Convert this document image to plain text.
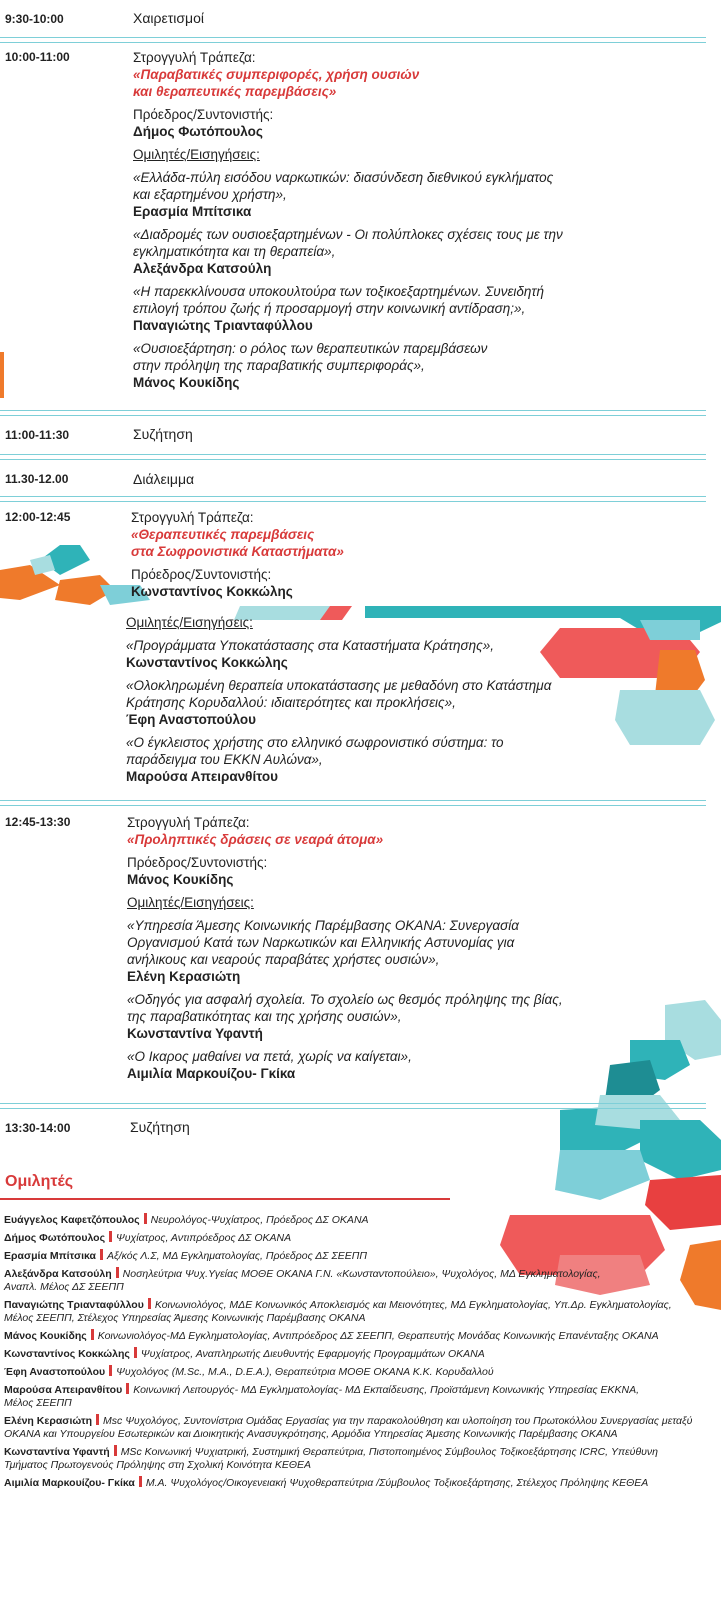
9:30-10:00	Χαιρετισμοί
10:00-11:00	Στρογγυλή Τράπεζα:

«Παραβατικές συμπεριφορές, χρήση ουσιών

και θεραπευτικές παρεμβάσεις»

Πρόεδρος/Συντονιστής:

Δήμος Φωτόπουλος

Ομιλητές/Εισηγήσεις:

«Ελλάδα-πύλη εισόδου ναρκωτικών: διασύνδεση διεθνικού εγκλήματος

και εξαρτημένου χρήστη»,

Ερασμία Μπίτσικα

«Διαδρομές των ουσιοεξαρτημένων - Οι πολύπλοκες σχέσεις τους με την

εγκληματικότητα και τη θεραπεία»,

Αλεξάνδρα Κατσούλη

«Η παρεκκλίνουσα υποκουλτούρα των τοξικοεξαρτημένων. Συνειδητή

επιλογή τρόπου ζωής ή προσαρμογή στην κοινωνική αντίδραση;»,

Παναγιώτης Τριανταφύλλου

«Ουσιοεξάρτηση: ο ρόλος των θεραπευτικών παρεμβάσεων

στην πρόληψη της παραβατικής συμπεριφοράς»,

Μάνος Κουκίδης

11:00-11:30	Συζήτηση
11.30-12.00	Διάλειμμα
12:00-12:45	Στρογγυλή Τράπεζα:

«Θεραπευτικές παρεμβάσεις

στα Σωφρονιστικά Καταστήματα»

Πρόεδρος/Συντονιστής:

Κωνσταντίνος Κοκκώλης

Ομιλητές/Εισηγήσεις:

«Προγράμματα Υποκατάστασης στα Καταστήματα Κράτησης»,

Κωνσταντίνος Κοκκώλης

«Ολοκληρωμένη θεραπεία υποκατάστασης με μεθαδόνη στο Κατάστημα

Κράτησης Κορυδαλλού: ιδιαιτερότητες και προκλήσεις»,

Έφη Αναστοπούλου

«Ο έγκλειστος χρήστης στο ελληνικό σωφρονιστικό σύστημα: το

παράδειγμα του ΕΚΚΝ Αυλώνα»,

Μαρούσα Απειρανθίτου

12:45-13:30	Στρογγυλή Τράπεζα:

«Προληπτικές δράσεις σε νεαρά άτομα»

Πρόεδρος/Συντονιστής:

Μάνος Κουκίδης

Ομιλητές/Εισηγήσεις:

«Υπηρεσία Άμεσης Κοινωνικής Παρέμβασης ΟΚΑΝΑ: Συνεργασία

Οργανισμού Κατά των Ναρκωτικών και Ελληνικής Αστυνομίας για

ανήλικους και νεαρούς παραβάτες χρήστες ουσιών»,

Ελένη Κερασιώτη

«Οδηγός για ασφαλή σχολεία. Το σχολείο ως θεσμός πρόληψης της βίας,

της παραβατικότητας και της χρήσης ουσιών»,

Κωνσταντίνα Υφαντή

«Ο Ικαρος μαθαίνει να πετά, χωρίς να καίγεται»,

Αιμιλία Μαρκουίζου- Γκίκα

13:30-14:00	Συζήτηση
Ομιλητές

Ευάγγελος Καφετζόπουλος Νευρολόγος-Ψυχίατρος, Πρόεδρος ΔΣ ΟΚΑΝΑ

Δήμος Φωτόπουλος Ψυχίατρος, Αντιπρόεδρος ΔΣ ΟΚΑΝΑ

Ερασμία Μπίτσικα Αξ/κός Λ.Σ, ΜΔ Εγκληματολογίας, Πρόεδρος ΔΣ ΣΕΕΠΠ

Αλεξάνδρα Κατσούλη Νοσηλεύτρια Ψυχ.Υγείας ΜΟΘΕ ΟΚΑΝΑ Γ.Ν. «Κωνσταντοπούλειο», Ψυχολόγος, ΜΔ Εγκληματολογίας, Αναπλ. Μέλος ΔΣ ΣΕΕΠΠ

Παναγιώτης Τριανταφύλλου Κοινωνιολόγος, ΜΔΕ Κοινωνικός Αποκλεισμός και Μειονότητες, ΜΔ Εγκληματολογίας, Υπ.Δρ. Εγκληματολογίας, Μέλος ΣΕΕΠΠ, Στέλεχος Υπηρεσίας Άμεσης Κοινωνικής Παρέμβασης ΟΚΑΝΑ

Μάνος Κουκίδης Κοινωνιολόγος-ΜΔ Εγκληματολογίας, Αντιπρόεδρος ΔΣ ΣΕΕΠΠ, Θεραπευτής Μονάδας Κοινωνικής Επανένταξης ΟΚΑΝΑ

Κωνσταντίνος Κοκκώλης Ψυχίατρος, Αναπληρωτής Διευθυντής Εφαρμογής Προγραμμάτων ΟΚΑΝΑ

Έφη Αναστοπούλου Ψυχολόγος (M.Sc., M.A., D.E.A.), Θεραπεύτρια ΜΟΘΕ ΟΚΑΝΑ Κ.Κ. Κορυδαλλού

Μαρούσα Απειρανθίτου Κοινωνική Λειτουργός- ΜΔ Εγκληματολογίας- ΜΔ Εκπαίδευσης, Προϊστάμενη Κοινωνικής Υπηρεσίας ΕΚΚΝΑ, Μέλος ΣΕΕΠΠ

Ελένη Κερασιώτη Msc Ψυχολόγος, Συντονίστρια Ομάδας Εργασίας για την παρακολούθηση και υλοποίηση του Πρωτοκόλλου Συνεργασίας μεταξύ ΟΚΑΝΑ και Υπουργείου Εσωτερικών και Διοικητικής Ανασυγκρότησης, Αρμόδια Υπηρεσίας Άμεσης Κοινωνικής Παρέμβασης ΟΚΑΝΑ

Κωνσταντίνα Υφαντή MSc Κοινωνική Ψυχιατρική, Συστημική Θεραπεύτρια, Πιστοποιημένος Σύμβουλος Τοξικοεξάρτησης ICRC, Υπεύθυνη Τμήματος Πρωτογενούς Πρόληψης στη Σχολική Κοινότητα ΚΕΘΕΑ

Αιμιλία Μαρκουίζου- Γκίκα Μ.Α. Ψυχολόγος/Οικογενειακή Ψυχοθεραπεύτρια /Σύμβουλος Τοξικοεξάρτησης, Στέλεχος Πρόληψης ΚΕΘΕΑ
